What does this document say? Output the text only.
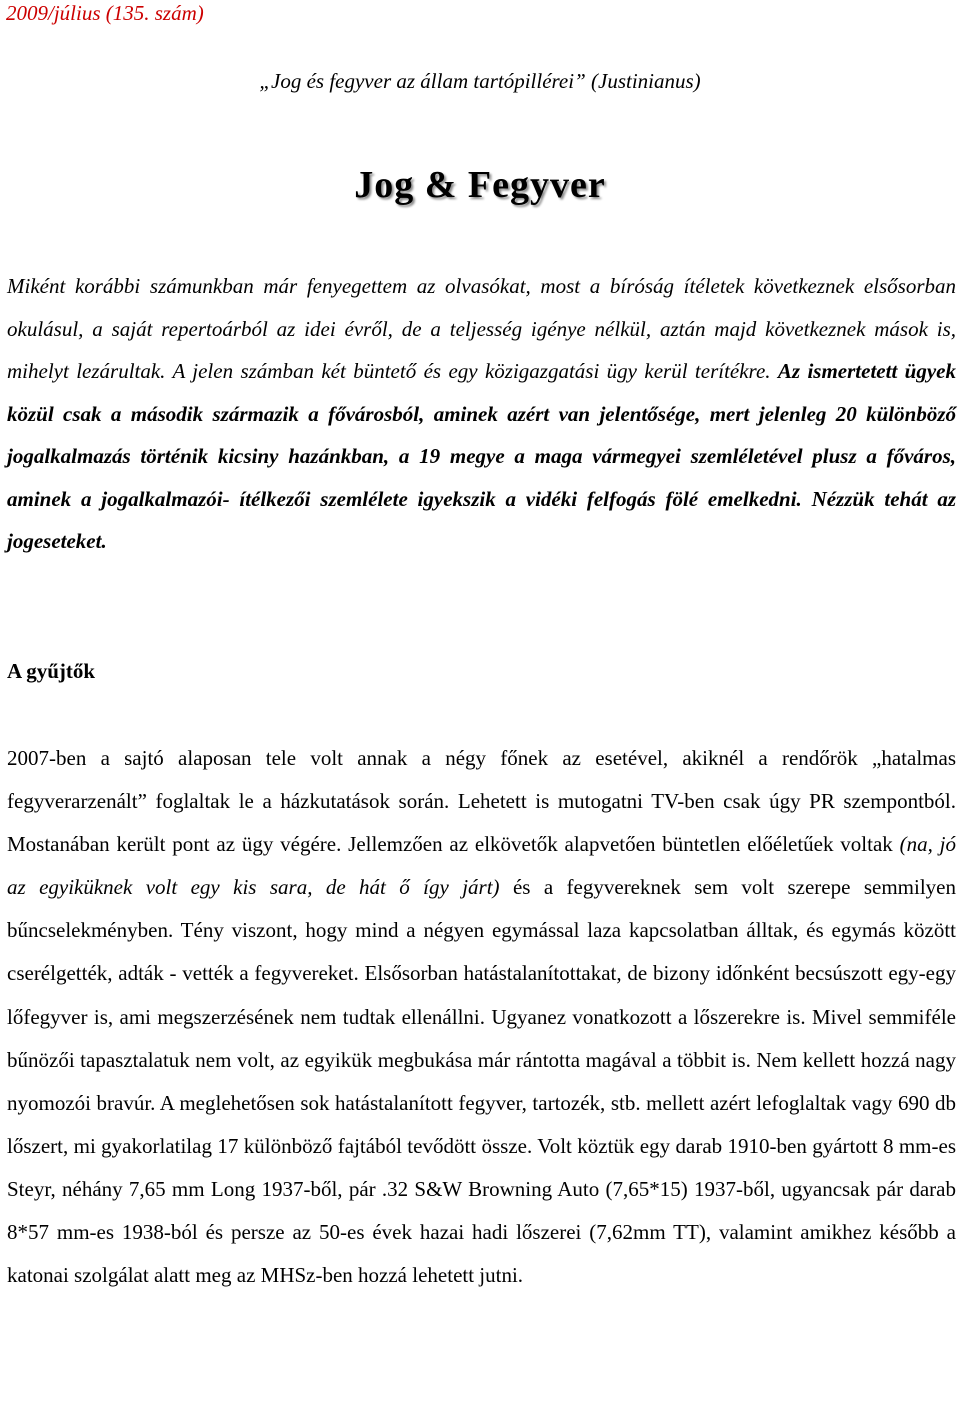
2009/július (135. szám)

„Jog és fegyver az állam tartópillérei” (Justinianus)

Jog & Fegyver

Miként korábbi számunkban már fenyegettem az olvasókat, most a bíróság ítéletek következnek elsősorban okulásul, a saját repertoárból az idei évről, de a teljesség igénye nélkül, aztán majd következnek mások is, mihelyt lezárultak. A jelen számban két büntető és egy közigazgatási ügy kerül terítékre. Az ismertetett ügyek közül csak a második származik a fővárosból, aminek azért van jelentősége, mert jelenleg 20 különböző jogalkalmazás történik kicsiny hazánkban, a 19 megye a maga vármegyei szemléletével plusz a főváros, aminek a jogalkalmazói- ítélkezői szemlélete igyekszik a vidéki felfogás fölé emelkedni. Nézzük tehát az jogeseteket.

A gyűjtők

2007-ben a sajtó alaposan tele volt annak a négy főnek az esetével, akiknél a rendőrök „hatalmas fegyverarzenált” foglaltak le a házkutatások során. Lehetett is mutogatni TV-ben csak úgy PR szempontból. Mostanában került pont az ügy végére. Jellemzően az elkövetők alapvetően büntetlen előéletűek voltak (na, jó az egyiküknek volt egy kis sara, de hát ő így járt) és a fegyvereknek sem volt szerepe semmilyen bűncselekményben. Tény viszont, hogy mind a négyen egymással laza kapcsolatban álltak, és egymás között cserélgették, adták - vették a fegyvereket. Elsősorban hatástalanítottakat, de bizony időnként becsúszott egy-egy lőfegyver is, ami megszerzésének nem tudtak ellenállni. Ugyanez vonatkozott a lőszerekre is. Mivel semmiféle bűnözői tapasztalatuk nem volt, az egyikük megbukása már rántotta magával a többit is. Nem kellett hozzá nagy nyomozói bravúr. A meglehetősen sok hatástalanított fegyver, tartozék, stb. mellett azért lefoglaltak vagy 690 db lőszert, mi gyakorlatilag 17 különböző fajtából tevődött össze. Volt köztük egy darab 1910-ben gyártott 8 mm-es Steyr, néhány 7,65 mm Long 1937-ből, pár .32 S&W Browning Auto (7,65*15) 1937-ből, ugyancsak pár darab 8*57 mm-es 1938-ból és persze az 50-es évek hazai hadi lőszerei (7,62mm TT), valamint amikhez később a katonai szolgálat alatt meg az MHSz-ben hozzá lehetett jutni.
